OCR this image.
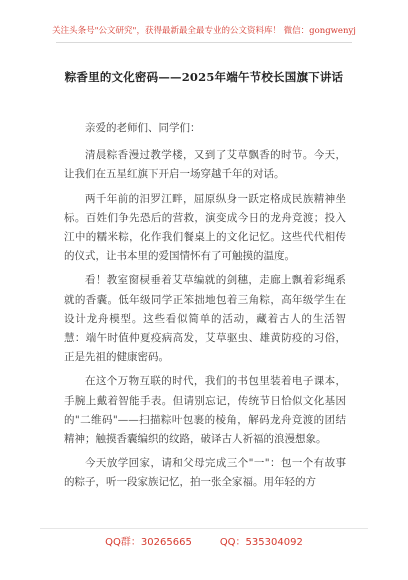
关注头条号"公文研究"，获得最新最全最专业的公文资料库！ 微信：gongwenyj
粽香里的文化密码——2025年端午节校长国旗下讲话

亲爱的老师们、同学们：

清晨粽香漫过教学楼，又到了艾草飘香的时节。今天，让我们在五星红旗下开启一场穿越千年的对话。

两千年前的汨罗江畔，屈原纵身一跃定格成民族精神坐标。百姓们争先恐后的营救，演变成今日的龙舟竞渡；投入江中的糯米粽，化作我们餐桌上的文化记忆。这些代代相传的仪式，让书本里的爱国情怀有了可触摸的温度。

看！教室窗棂垂着艾草编就的剑穗，走廊上飘着彩绳系就的香囊。低年级同学正笨拙地包着三角粽，高年级学生在设计龙舟模型。这些看似简单的活动，藏着古人的生活智慧：端午时值仲夏疫病高发，艾草驱虫、雄黄防疫的习俗，正是先祖的健康密码。

在这个万物互联的时代，我们的书包里装着电子课本，手腕上戴着智能手表。但请别忘记，传统节日恰似文化基因的"二维码"——扫描粽叶包裹的棱角，解码龙舟竞渡的团结精神；触摸香囊编织的纹路，破译古人祈福的浪漫想象。

今天放学回家，请和父母完成三个"一"：包一个有故事的粽子，听一段家族记忆，拍一张全家福。用年轻的方

QQ群：30265665	QQ：535304092
